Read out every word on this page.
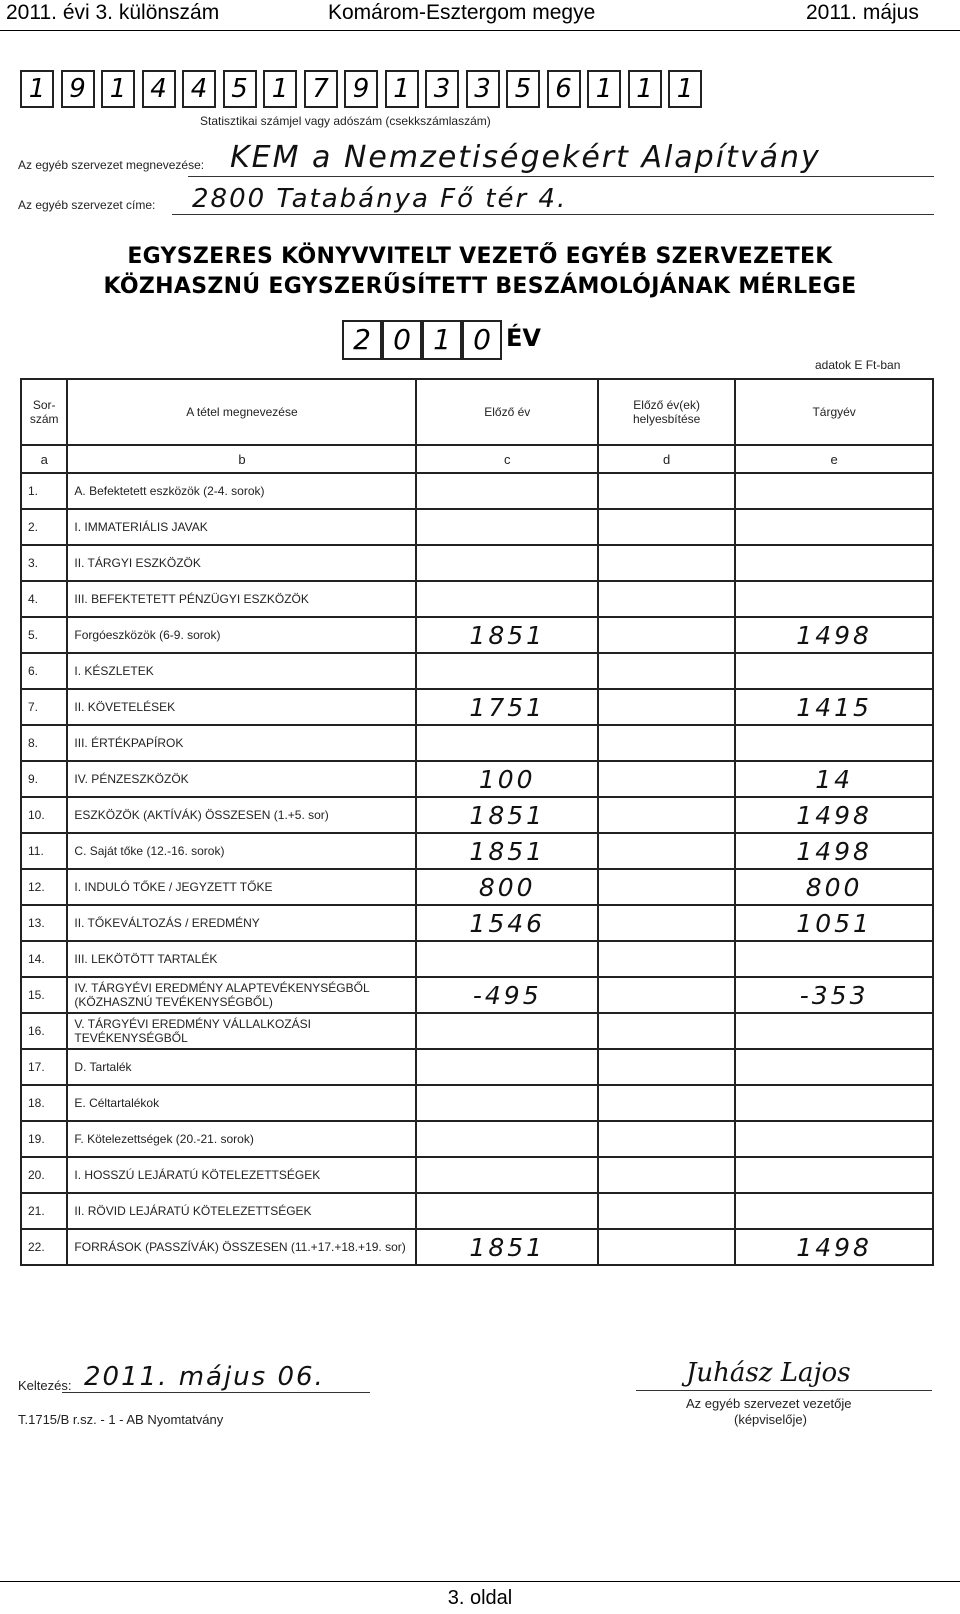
2011. évi 3. különszám	Komárom-Esztergom megye	2011. május
1 9 1 4 4 5 1 7 9 1 3 3 5 6 1 1 1
Statisztikai számjel vagy adószám (csekkszámlaszám)
Az egyéb szervezet megnevezése: KEM a Nemzetiségekért Alapítvány
Az egyéb szervezet címe: 2800 Tatabánya Fő tér 4.
EGYSZERES KÖNYVVITELT VEZETŐ EGYÉB SZERVEZETEK
KÖZHASZNÚ EGYSZERŰSÍTETT BESZÁMOLÓJÁNAK MÉRLEGE
2 0 1 0 ÉV
adatok E Ft-ban
Sor-szám	A tétel megnevezése	Előző év	Előző év(ek) helyesbítése	Tárgyév
a	b	c	d	e
1.	A. Befektetett eszközök (2-4. sorok)			
2.	I. IMMATERIÁLIS JAVAK			
3.	II. TÁRGYI ESZKÖZÖK			
4.	III. BEFEKTETETT PÉNZÜGYI ESZKÖZÖK			
5.	Forgóeszközök (6-9. sorok)	1851		1498
6.	I. KÉSZLETEK			
7.	II. KÖVETELÉSEK	1751		1415
8.	III. ÉRTÉKPAPÍROK			
9.	IV. PÉNZESZKÖZÖK	100		14
10.	ESZKÖZÖK (AKTÍVÁK) ÖSSZESEN (1.+5. sor)	1851		1498
11.	C. Saját tőke (12.-16. sorok)	1851		1498
12.	I. INDULÓ TŐKE / JEGYZETT TŐKE	800		800
13.	II. TŐKEVÁLTOZÁS / EREDMÉNY	1546		1051
14.	III. LEKÖTÖTT TARTALÉK			
15.	IV. TÁRGYÉVI EREDMÉNY ALAPTEVÉKENYSÉGBŐL (KÖZHASZNÚ TEVÉKENYSÉGBŐL)	-495		-353
16.	V. TÁRGYÉVI EREDMÉNY VÁLLALKOZÁSI TEVÉKENYSÉGBŐL			
17.	D. Tartalék			
18.	E. Céltartalékok			
19.	F. Kötelezettségek (20.-21. sorok)			
20.	I. HOSSZÚ LEJÁRATÚ KÖTELEZETTSÉGEK			
21.	II. RÖVID LEJÁRATÚ KÖTELEZETTSÉGEK			
22.	FORRÁSOK (PASSZÍVÁK) ÖSSZESEN (11.+17.+18.+19. sor)	1851		1498
Keltezés: 2011. május 06.
T.1715/B r.sz. - 1 - AB Nyomtatvány
Juhász Lajos
Az egyéb szervezet vezetője
(képviselője)
3. oldal
